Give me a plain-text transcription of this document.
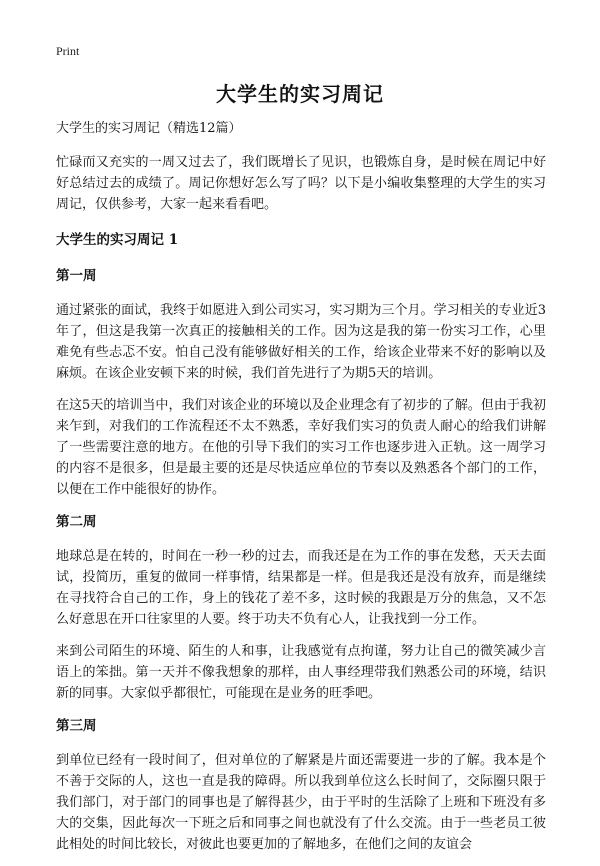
Print
大学生的实习周记

大学生的实习周记（精选12篇）

忙碌而又充实的一周又过去了，我们既增长了见识，也锻炼自身，是时候在周记中好好总结过去的成绩了。周记你想好怎么写了吗？以下是小编收集整理的大学生的实习周记，仅供参考，大家一起来看看吧。

大学生的实习周记 1
第一周

通过紧张的面试，我终于如愿进入到公司实习，实习期为三个月。学习相关的专业近3年了，但这是我第一次真正的接触相关的工作。因为这是我的第一份实习工作，心里难免有些忐忑不安。怕自己没有能够做好相关的工作，给该企业带来不好的影响以及麻烦。在该企业安顿下来的时候，我们首先进行了为期5天的培训。

在这5天的培训当中，我们对该企业的环境以及企业理念有了初步的了解。但由于我初来乍到，对我们的工作流程还不太不熟悉，幸好我们实习的负责人耐心的给我们讲解了一些需要注意的地方。在他的引导下我们的实习工作也逐步进入正轨。这一周学习的内容不是很多，但是最主要的还是尽快适应单位的节奏以及熟悉各个部门的工作，以便在工作中能很好的协作。

第二周

地球总是在转的，时间在一秒一秒的过去，而我还是在为工作的事在发愁，天天去面试，投简历，重复的做同一样事情，结果都是一样。但是我还是没有放弃，而是继续在寻找符合自己的工作，身上的钱花了差不多，这时候的我跟是万分的焦急，又不怎么好意思在开口往家里的人要。终于功夫不负有心人，让我找到一分工作。

来到公司陌生的环境、陌生的人和事，让我感觉有点拘谨，努力让自己的微笑减少言语上的笨拙。第一天并不像我想象的那样，由人事经理带我们熟悉公司的环境，结识新的同事。大家似乎都很忙，可能现在是业务的旺季吧。

第三周

到单位已经有一段时间了，但对单位的了解紧是片面还需要进一步的了解。我本是个不善于交际的人，这也一直是我的障碍。所以我到单位这么长时间了，交际圈只限于我们部门，对于部门的同事也是了解得甚少，由于平时的生活除了上班和下班没有多大的交集，因此每次一下班之后和同事之间也就没有了什么交流。由于一些老员工彼此相处的时间比较长，对彼此也要更加的了解地多，在他们之间的友谊会
